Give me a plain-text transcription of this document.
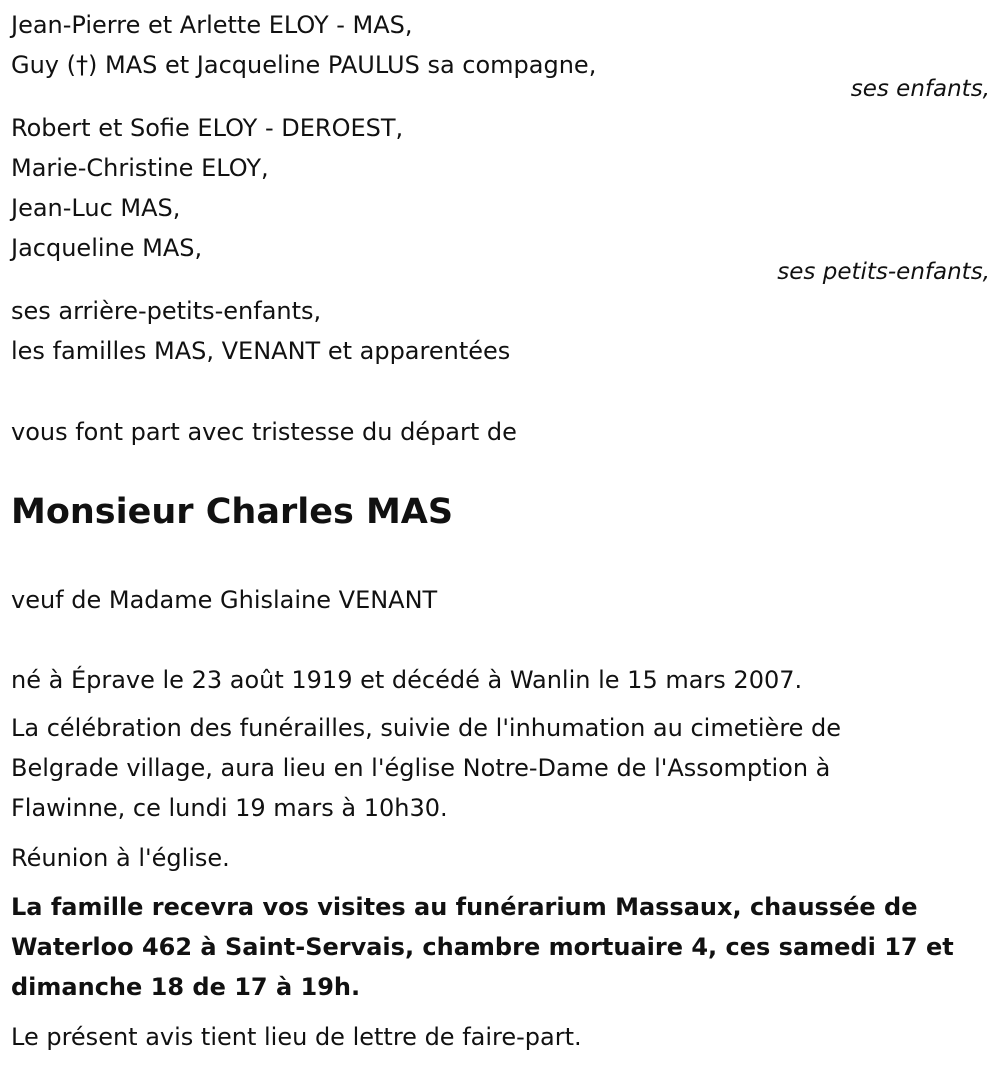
Jean-Pierre et Arlette ELOY - MAS,
Guy (†) MAS et Jacqueline PAULUS sa compagne,
ses enfants,
Robert et Sofie ELOY - DEROEST,
Marie-Christine ELOY,
Jean-Luc MAS,
Jacqueline MAS,
ses petits-enfants,
ses arrière-petits-enfants,
les familles MAS, VENANT et apparentées
vous font part avec tristesse du départ de
Monsieur Charles MAS
veuf de Madame Ghislaine VENANT
né à Éprave le 23 août 1919 et décédé à Wanlin le 15 mars 2007.
La célébration des funérailles, suivie de l'inhumation au cimetière de Belgrade village, aura lieu en l'église Notre-Dame de l'Assomption à Flawinne, ce lundi 19 mars à 10h30.
Réunion à l'église.
La famille recevra vos visites au funérarium Massaux, chaussée de Waterloo 462 à Saint-Servais, chambre mortuaire 4, ces samedi 17 et dimanche 18 de 17 à 19h.
Le présent avis tient lieu de lettre de faire-part.
